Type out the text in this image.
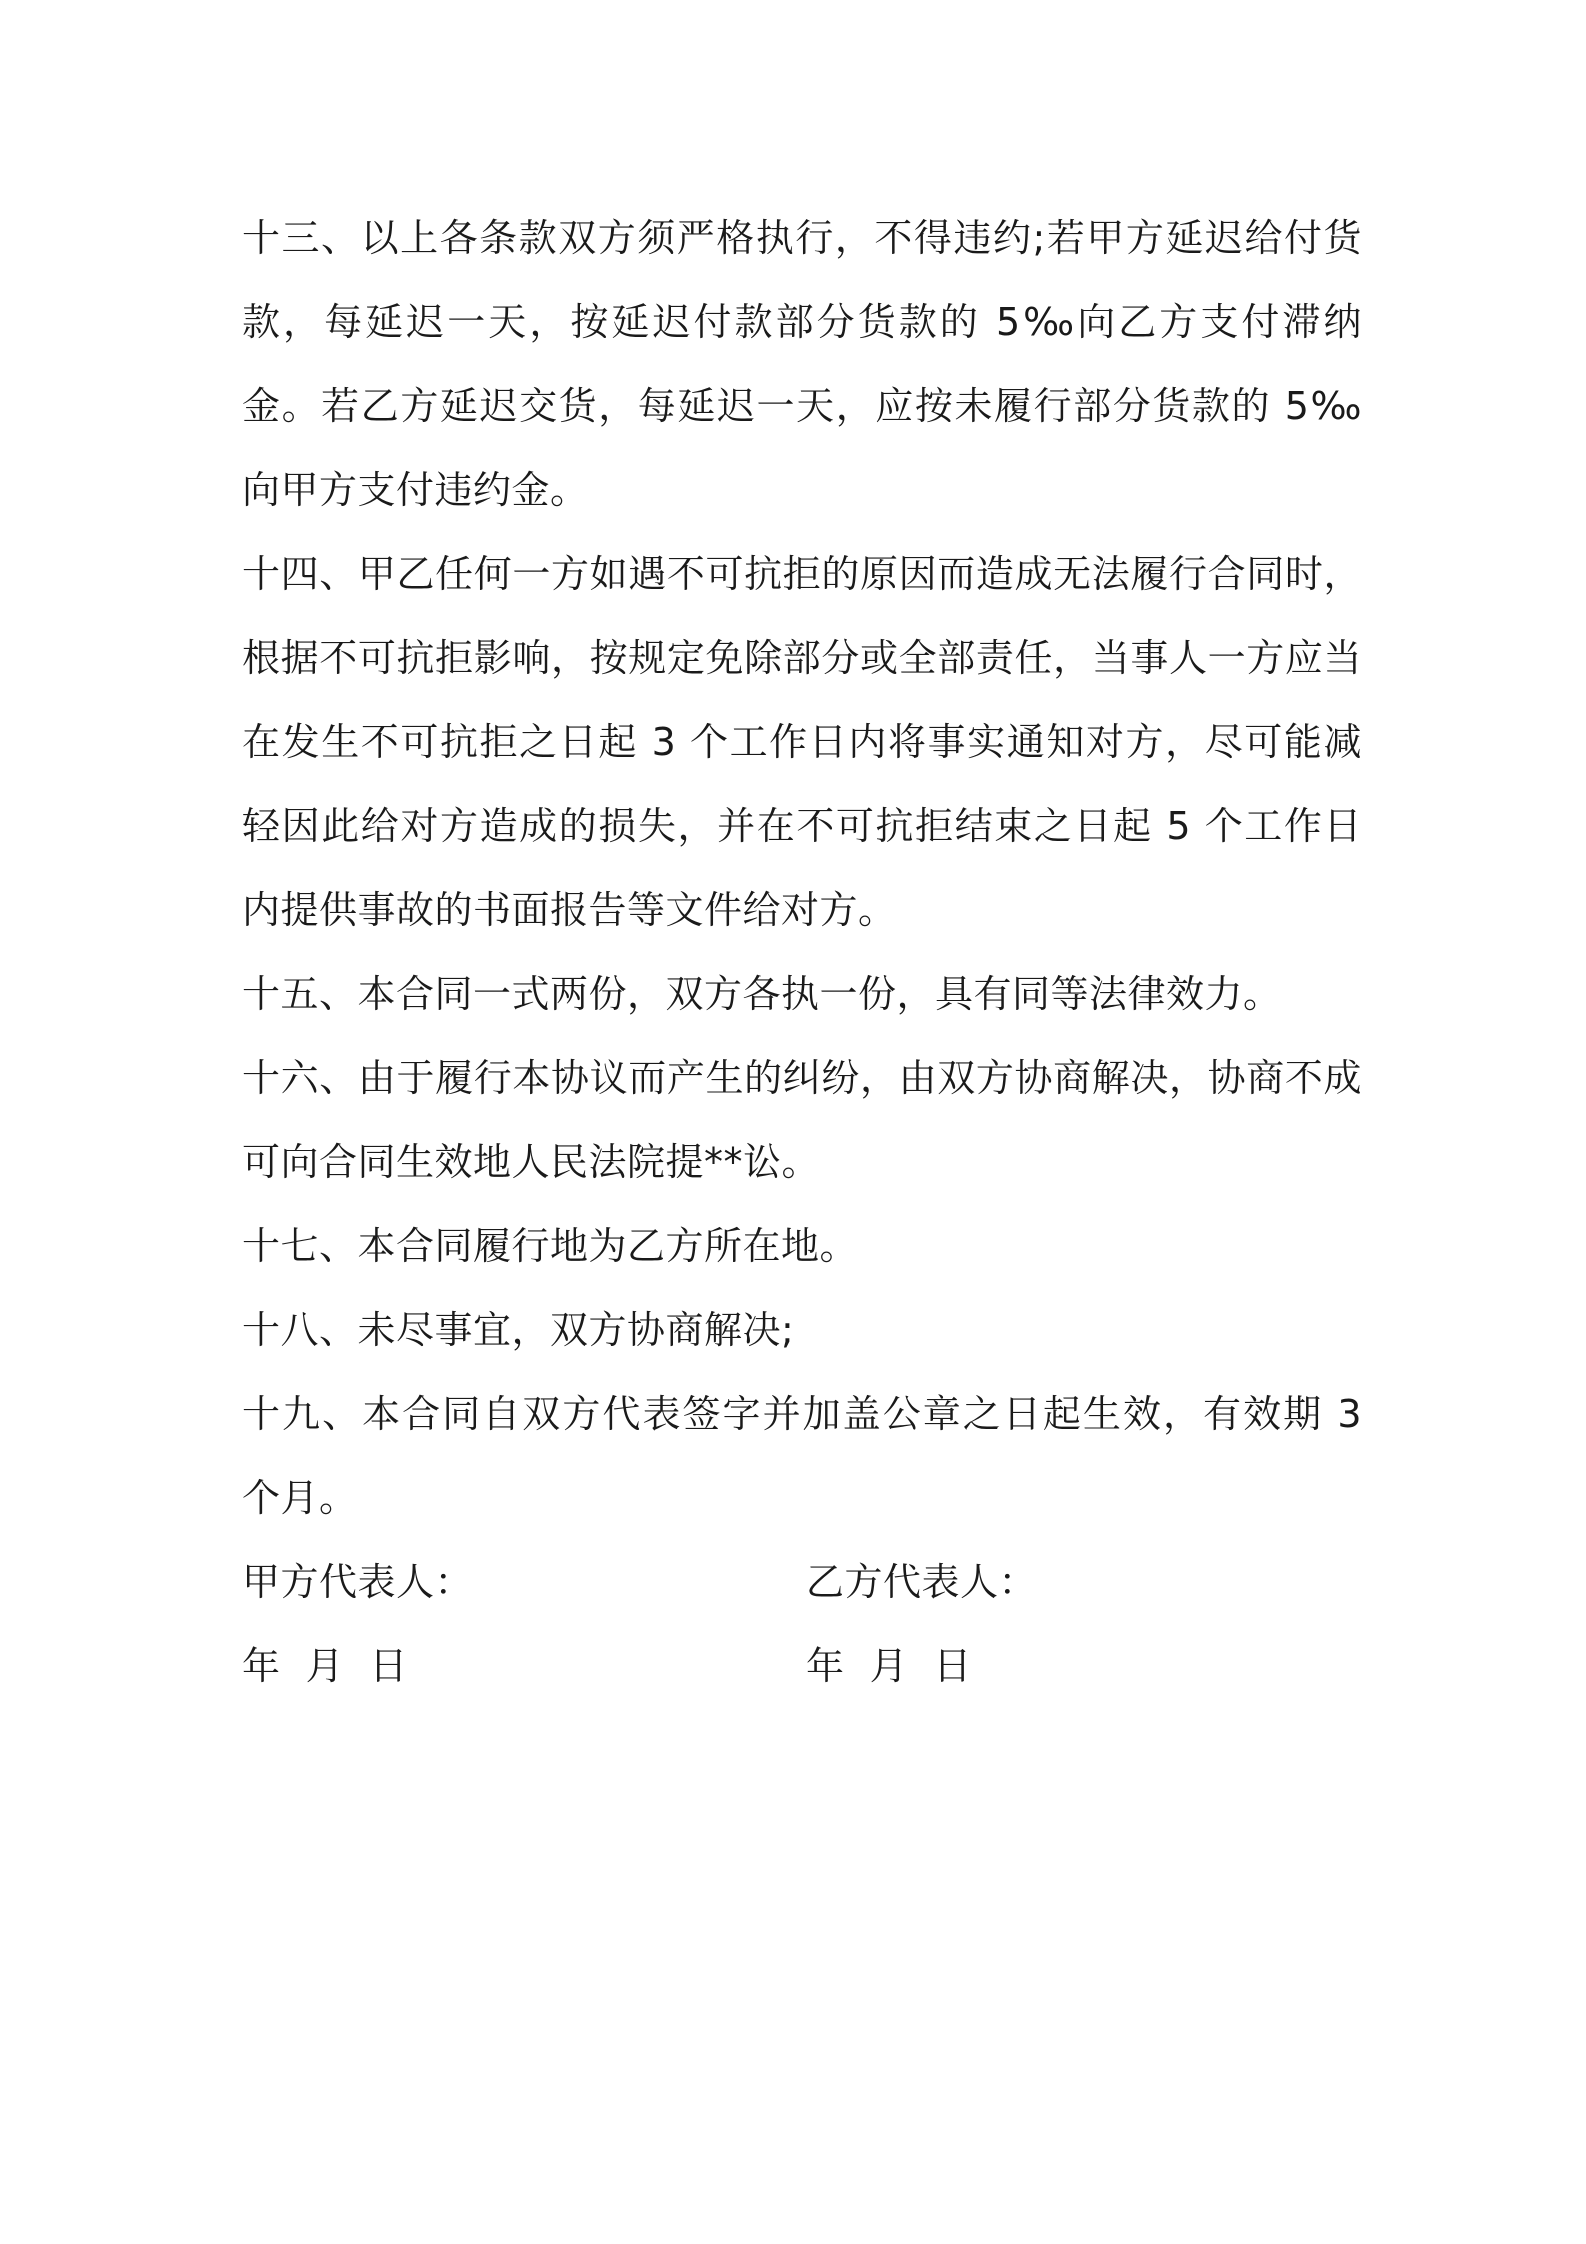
十三、以上各条款双方须严格执行，不得违约;若甲方延迟给付货款，每延迟一天，按延迟付款部分货款的 5‰向乙方支付滞纳金。若乙方延迟交货，每延迟一天，应按未履行部分货款的 5‰向甲方支付违约金。

十四、甲乙任何一方如遇不可抗拒的原因而造成无法履行合同时，根据不可抗拒影响，按规定免除部分或全部责任，当事人一方应当在发生不可抗拒之日起 3 个工作日内将事实通知对方，尽可能减轻因此给对方造成的损失，并在不可抗拒结束之日起 5 个工作日内提供事故的书面报告等文件给对方。

十五、本合同一式两份，双方各执一份，具有同等法律效力。

十六、由于履行本协议而产生的纠纷，由双方协商解决，协商不成可向合同生效地人民法院提**讼。

十七、本合同履行地为乙方所在地。

十八、未尽事宜，双方协商解决;

十九、本合同自双方代表签字并加盖公章之日起生效，有效期 3 个月。

甲方代表人：	乙方代表人：
年  月  日	年  月  日
